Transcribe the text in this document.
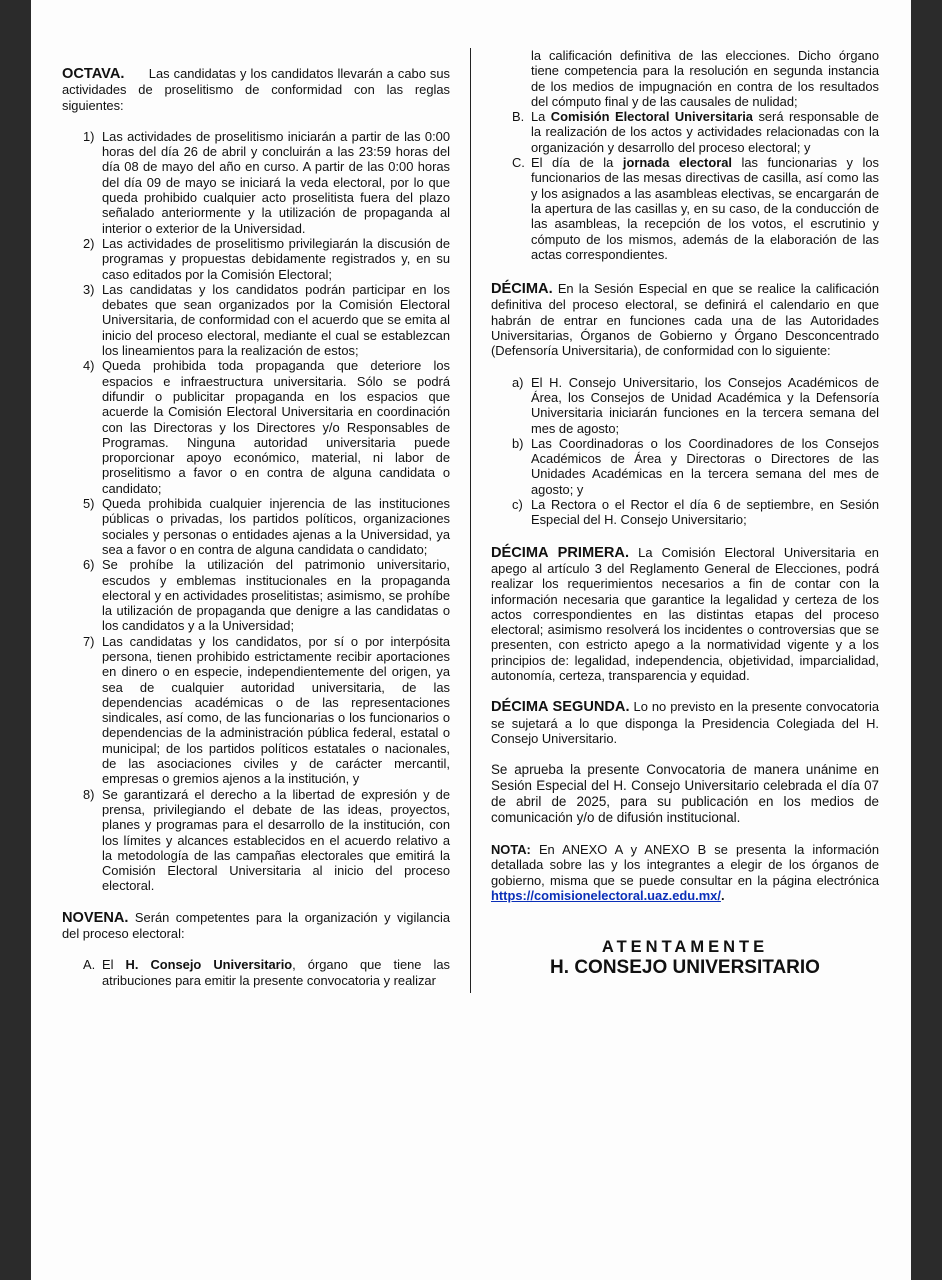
OCTAVA. Las candidatas y los candidatos llevarán a cabo sus actividades de proselitismo de conformidad con las reglas siguientes:

1) Las actividades de proselitismo iniciarán a partir de las 0:00 horas del día 26 de abril y concluirán a las 23:59 horas del día 08 de mayo del año en curso. A partir de las 0:00 horas del día 09 de mayo se iniciará la veda electoral, por lo que queda prohibido cualquier acto proselitista fuera del plazo señalado anteriormente y la utilización de propaganda al interior o exterior de la Universidad.
2) Las actividades de proselitismo privilegiarán la discusión de programas y propuestas debidamente registrados y, en su caso editados por la Comisión Electoral;
3) Las candidatas y los candidatos podrán participar en los debates que sean organizados por la Comisión Electoral Universitaria, de conformidad con el acuerdo que se emita al inicio del proceso electoral, mediante el cual se establezcan los lineamientos para la realización de estos;
4) Queda prohibida toda propaganda que deteriore los espacios e infraestructura universitaria. Sólo se podrá difundir o publicitar propaganda en los espacios que acuerde la Comisión Electoral Universitaria en coordinación con las Directoras y los Directores y/o Responsables de Programas. Ninguna autoridad universitaria puede proporcionar apoyo económico, material, ni labor de proselitismo a favor o en contra de alguna candidata o candidato;
5) Queda prohibida cualquier injerencia de las instituciones públicas o privadas, los partidos políticos, organizaciones sociales y personas o entidades ajenas a la Universidad, ya sea a favor o en contra de alguna candidata o candidato;
6) Se prohíbe la utilización del patrimonio universitario, escudos y emblemas institucionales en la propaganda electoral y en actividades proselitistas; asimismo, se prohíbe la utilización de propaganda que denigre a las candidatas o los candidatos y a la Universidad;
7) Las candidatas y los candidatos, por sí o por interpósita persona, tienen prohibido estrictamente recibir aportaciones en dinero o en especie, independientemente del origen, ya sea de cualquier autoridad universitaria, de las dependencias académicas o de las representaciones sindicales, así como, de las funcionarias o los funcionarios o dependencias de la administración pública federal, estatal o municipal; de los partidos políticos estatales o nacionales, de las asociaciones civiles y de carácter mercantil, empresas o gremios ajenos a la institución, y
8) Se garantizará el derecho a la libertad de expresión y de prensa, privilegiando el debate de las ideas, proyectos, planes y programas para el desarrollo de la institución, con los límites y alcances establecidos en el acuerdo relativo a la metodología de las campañas electorales que emitirá la Comisión Electoral Universitaria al inicio del proceso electoral.

NOVENA. Serán competentes para la organización y vigilancia del proceso electoral:

A. El H. Consejo Universitario, órgano que tiene las atribuciones para emitir la presente convocatoria y realizar
la calificación definitiva de las elecciones. Dicho órgano tiene competencia para la resolución en segunda instancia de los medios de impugnación en contra de los resultados del cómputo final y de las causales de nulidad;
B. La Comisión Electoral Universitaria será responsable de la realización de los actos y actividades relacionadas con la organización y desarrollo del proceso electoral; y
C. El día de la jornada electoral las funcionarias y los funcionarios de las mesas directivas de casilla, así como las y los asignados a las asambleas electivas, se encargarán de la apertura de las casillas y, en su caso, de la conducción de las asambleas, la recepción de los votos, el escrutinio y cómputo de los mismos, además de la elaboración de las actas correspondientes.

DÉCIMA. En la Sesión Especial en que se realice la calificación definitiva del proceso electoral, se definirá el calendario en que habrán de entrar en funciones cada una de las Autoridades Universitarias, Órganos de Gobierno y Órgano Desconcentrado (Defensoría Universitaria), de conformidad con lo siguiente:

a) El H. Consejo Universitario, los Consejos Académicos de Área, los Consejos de Unidad Académica y la Defensoría Universitaria iniciarán funciones en la tercera semana del mes de agosto;
b) Las Coordinadoras o los Coordinadores de los Consejos Académicos de Área y Directoras o Directores de las Unidades Académicas en la tercera semana del mes de agosto; y
c) La Rectora o el Rector el día 6 de septiembre, en Sesión Especial del H. Consejo Universitario;

DÉCIMA PRIMERA. La Comisión Electoral Universitaria en apego al artículo 3 del Reglamento General de Elecciones, podrá realizar los requerimientos necesarios a fin de contar con la información necesaria que garantice la legalidad y certeza de los actos correspondientes en las distintas etapas del proceso electoral; asimismo resolverá los incidentes o controversias que se presenten, con estricto apego a la normatividad vigente y a los principios de: legalidad, independencia, objetividad, imparcialidad, autonomía, certeza, transparencia y equidad.

DÉCIMA SEGUNDA. Lo no previsto en la presente convocatoria se sujetará a lo que disponga la Presidencia Colegiada del H. Consejo Universitario.

Se aprueba la presente Convocatoria de manera unánime en Sesión Especial del H. Consejo Universitario celebrada el día 07 de abril de 2025, para su publicación en los medios de comunicación y/o de difusión institucional.

NOTA: En ANEXO A y ANEXO B se presenta la información detallada sobre las y los integrantes a elegir de los órganos de gobierno, misma que se puede consultar en la página electrónica https://comisionelectoral.uaz.edu.mx/.

ATENTAMENTE
H. CONSEJO UNIVERSITARIO
